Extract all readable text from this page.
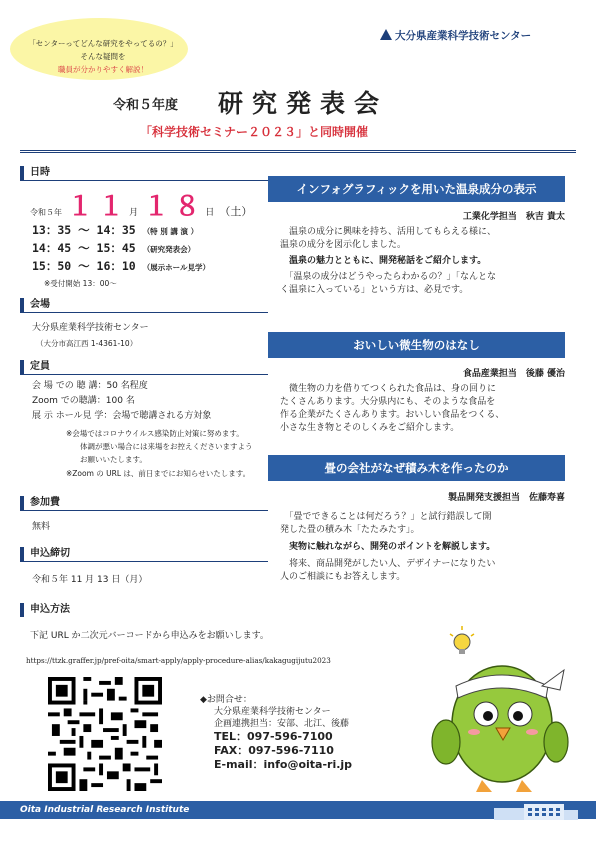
「センターってどんな研究をやってるの？」
そんな疑問を
職員が分かりやすく解説！
大分県産業科学技術センター
令和５年度 研究発表会
「科学技術セミナー２０２３」と同時開催
日時
令和５年 １１月 １８日 （土）
13：35 ～ 14：35 （特 別 講 演 ）
14：45 ～ 15：45 （研究発表会）
15：50 ～ 16：10 （展示ホール見学）
※受付開始 13：00～
会場
大分県産業科学技術センター
（大分市高江西 1-4361-10）
定員
会 場 での 聴 講：50 名程度
Zoom での聴講：100 名
展 示 ホール見 学：会場で聴講される方対象
※会場ではコロナウイルス感染防止対策に努めます。
体調が悪い場合には来場をお控えくださいますよう
お願いいたします。
※Zoom の URL は、前日までにお知らせいたします。
参加費
無料
申込締切
令和５年 11 月 13 日（月）
申込方法
下記 URL か二次元バーコードから申込みをお願いします。
https://ttzk.graffer.jp/pref-oita/smart-apply/apply-procedure-alias/kakagugijutu2023
インフォグラフィックを用いた温泉成分の表示
工業化学担当　秋吉 貴太
　温泉の成分に興味を持ち、活用してもらえる様に、
温泉の成分を図示化しました。
　温泉の魅力とともに、開発秘話をご紹介します。
　「温泉の成分はどうやったらわかるの？」「なんとな
く温泉に入っている」という方は、必見です。
おいしい微生物のはなし
食品産業担当　後藤 優治
　微生物の力を借りてつくられた食品は、身の回りに
たくさんあります。大分県内にも、そのような食品を
作る企業がたくさんあります。おいしい食品をつくる、
小さな生き物とそのしくみをご紹介します。
畳の会社がなぜ積み木を作ったのか
製品開発支援担当　佐藤寿喜
　「畳でできることは何だろう？」と試行錯誤して開
発した畳の積み木「たたみたす」。
　実物に触れながら、開発のポイントを解説します。
　将来、商品開発がしたい人、デザイナーになりたい
人のご相談にもお答えします。
◆お問合せ：
大分県産業科学技術センター
企画連携担当：安部、北江、後藤
TEL：097-596-7100
FAX：097-596-7110
E-mail：info@oita-ri.jp
Oita Industrial Research Institute
